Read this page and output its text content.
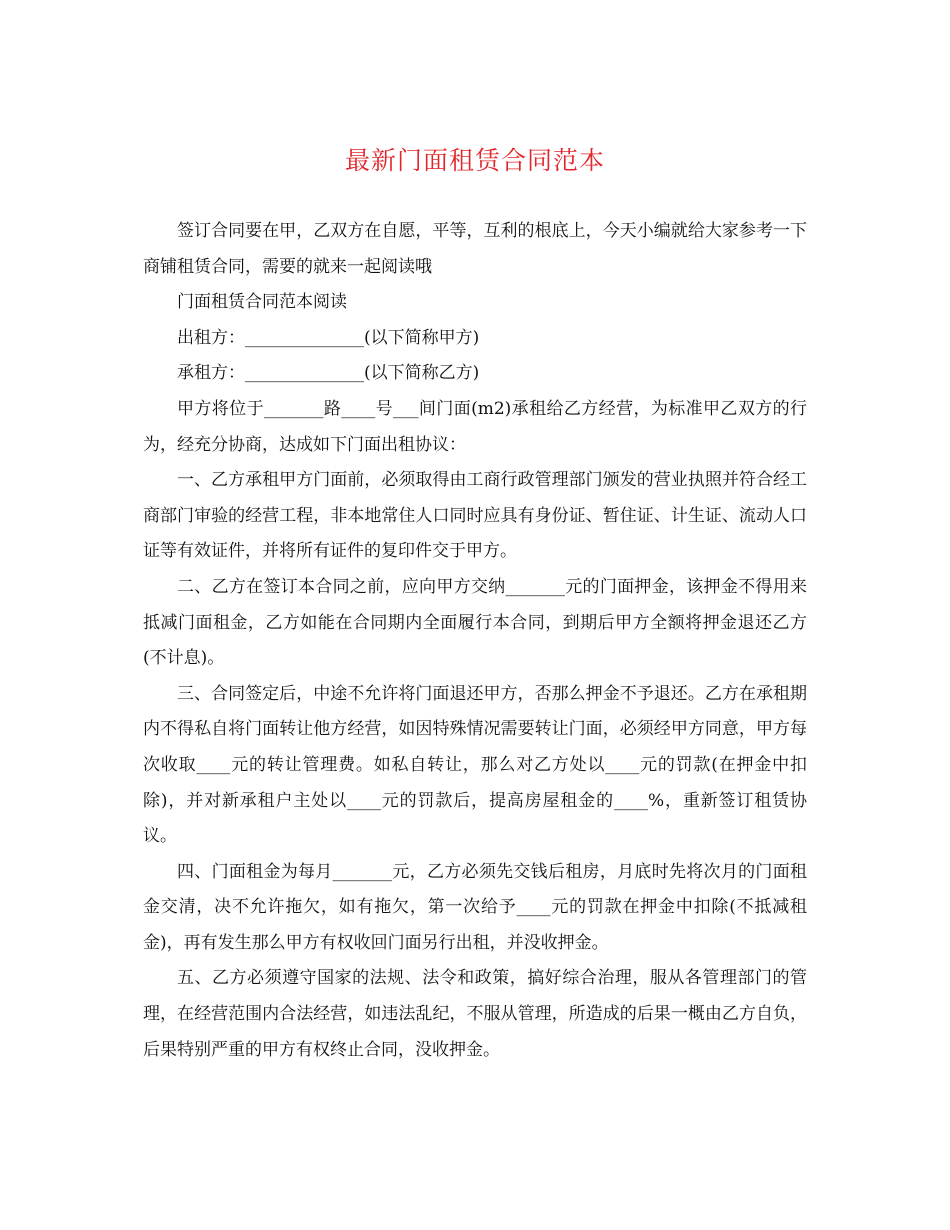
最新门面租赁合同范本

签订合同要在甲，乙双方在自愿，平等，互利的根底上，今天小编就给大家参考一下商铺租赁合同，需要的就来一起阅读哦

门面租赁合同范本阅读

出租方：______________(以下简称甲方)

承租方：______________(以下简称乙方)

甲方将位于_______路____号___间门面(m2)承租给乙方经营，为标准甲乙双方的行为，经充分协商，达成如下门面出租协议：

一、乙方承租甲方门面前，必须取得由工商行政管理部门颁发的营业执照并符合经工商部门审验的经营工程，非本地常住人口同时应具有身份证、暂住证、计生证、流动人口证等有效证件，并将所有证件的复印件交于甲方。

二、乙方在签订本合同之前，应向甲方交纳_______元的门面押金，该押金不得用来抵减门面租金，乙方如能在合同期内全面履行本合同，到期后甲方全额将押金退还乙方(不计息)。

三、合同签定后，中途不允许将门面退还甲方，否那么押金不予退还。乙方在承租期内不得私自将门面转让他方经营，如因特殊情况需要转让门面，必须经甲方同意，甲方每次收取____元的转让管理费。如私自转让，那么对乙方处以____元的罚款(在押金中扣除)，并对新承租户主处以____元的罚款后，提高房屋租金的____%，重新签订租赁协议。

四、门面租金为每月_______元，乙方必须先交钱后租房，月底时先将次月的门面租金交清，决不允许拖欠，如有拖欠，第一次给予____元的罚款在押金中扣除(不抵减租金)，再有发生那么甲方有权收回门面另行出租，并没收押金。

五、乙方必须遵守国家的法规、法令和政策，搞好综合治理，服从各管理部门的管理，在经营范围内合法经营，如违法乱纪，不服从管理，所造成的后果一概由乙方自负，后果特别严重的甲方有权终止合同，没收押金。
